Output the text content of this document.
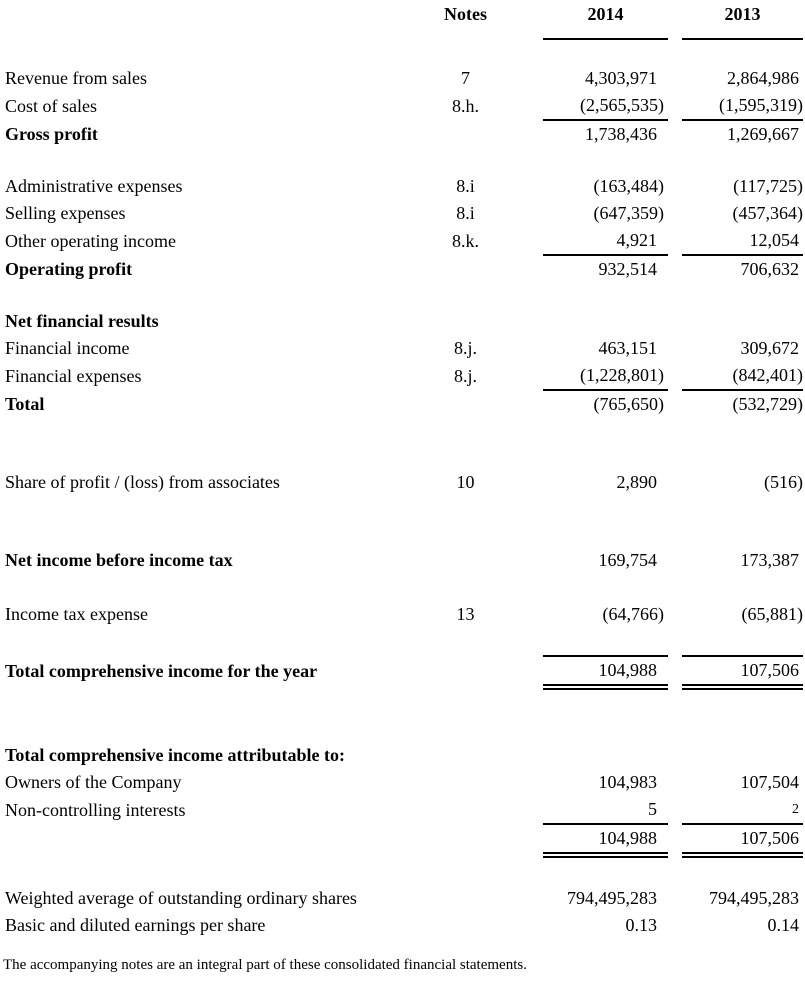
	Notes		2014		2013	

Revenue from sales	7		4,303,971		2,864,986	
Cost of sales	8.h.		(2,565,535)		(1,595,319)	
Gross profit			1,738,436		1,269,667	

Administrative expenses	8.i		(163,484)		(117,725)	
Selling expenses	8.i		(647,359)		(457,364)	
Other operating income	8.k.		4,921		12,054	
Operating profit			932,514		706,632	

Net financial results						
Financial income	8.j.		463,151		309,672	
Financial expenses	8.j.		(1,228,801)		(842,401)	
Total			(765,650)		(532,729)	

Share of profit / (loss) from associates	10		2,890		(516)	

Net income before income tax			169,754		173,387	

Income tax expense	13		(64,766)		(65,881)	

Total comprehensive income for the year			104,988		107,506	

Total comprehensive income attributable to:						
Owners of the Company			104,983		107,504	
Non-controlling interests			5		2	
			104,988		107,506	

Weighted average of outstanding ordinary shares			794,495,283		794,495,283	
Basic and diluted earnings per share			0.13		0.14	
The accompanying notes are an integral part of these consolidated financial statements.
